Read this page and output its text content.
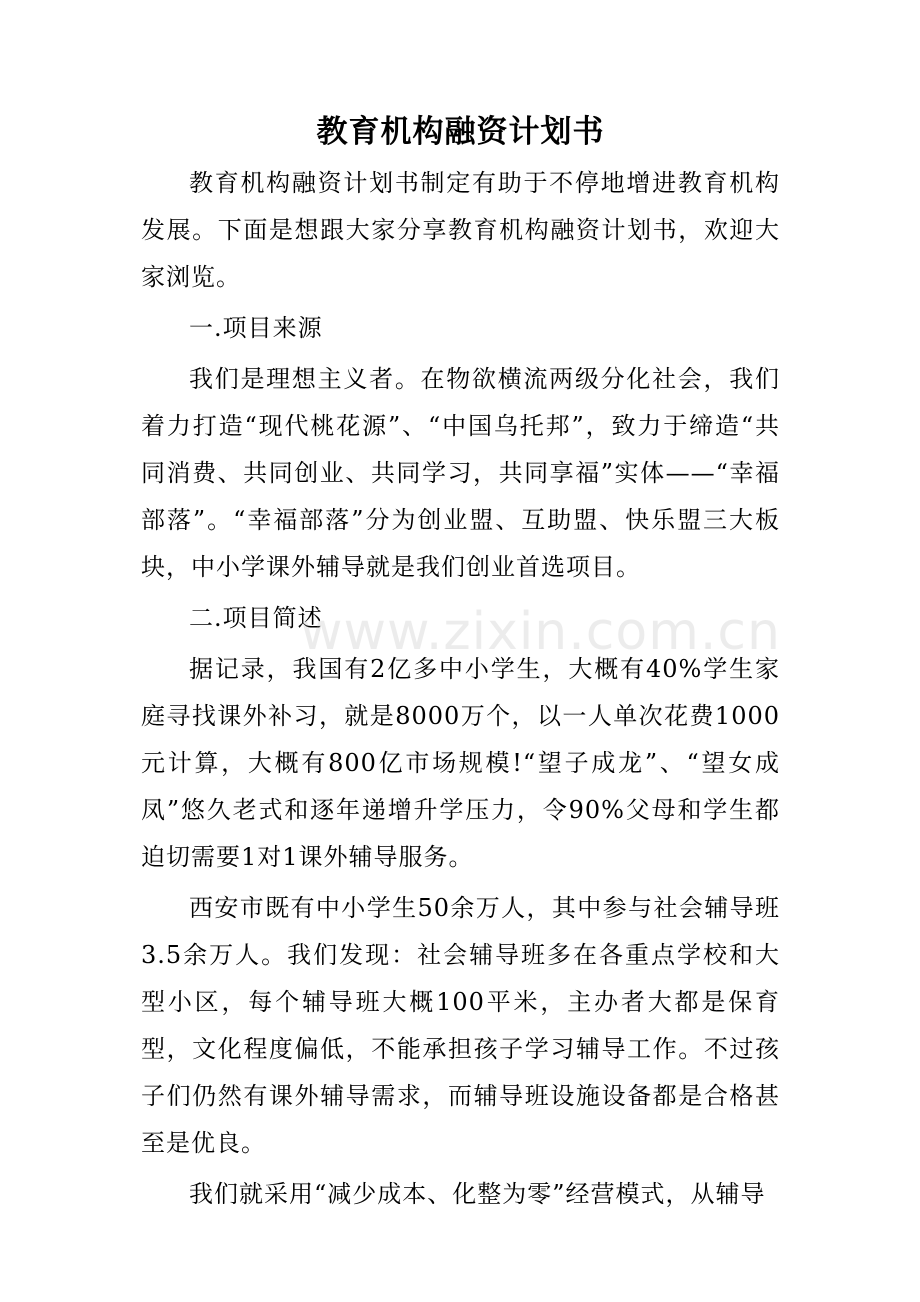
教育机构融资计划书

教育机构融资计划书制定有助于不停地增进教育机构发展。下面是想跟大家分享教育机构融资计划书，欢迎大家浏览。

一.项目来源

我们是理想主义者。在物欲横流两级分化社会，我们着力打造“现代桃花源”、“中国乌托邦”，致力于缔造“共同消费、共同创业、共同学习，共同享福”实体——“幸福部落”。“幸福部落”分为创业盟、互助盟、快乐盟三大板块，中小学课外辅导就是我们创业首选项目。

二.项目简述

据记录，我国有2亿多中小学生，大概有40%学生家庭寻找课外补习，就是8000万个，以一人单次花费1000元计算，大概有800亿市场规模!“望子成龙”、“望女成凤”悠久老式和逐年递增升学压力，令90%父母和学生都迫切需要1对1课外辅导服务。

西安市既有中小学生50余万人，其中参与社会辅导班3.5余万人。我们发现：社会辅导班多在各重点学校和大型小区，每个辅导班大概100平米，主办者大都是保育型，文化程度偏低，不能承担孩子学习辅导工作。不过孩子们仍然有课外辅导需求，而辅导班设施设备都是合格甚至是优良。

我们就采用“减少成本、化整为零”经营模式，从辅导

www.zixin.com.cn
